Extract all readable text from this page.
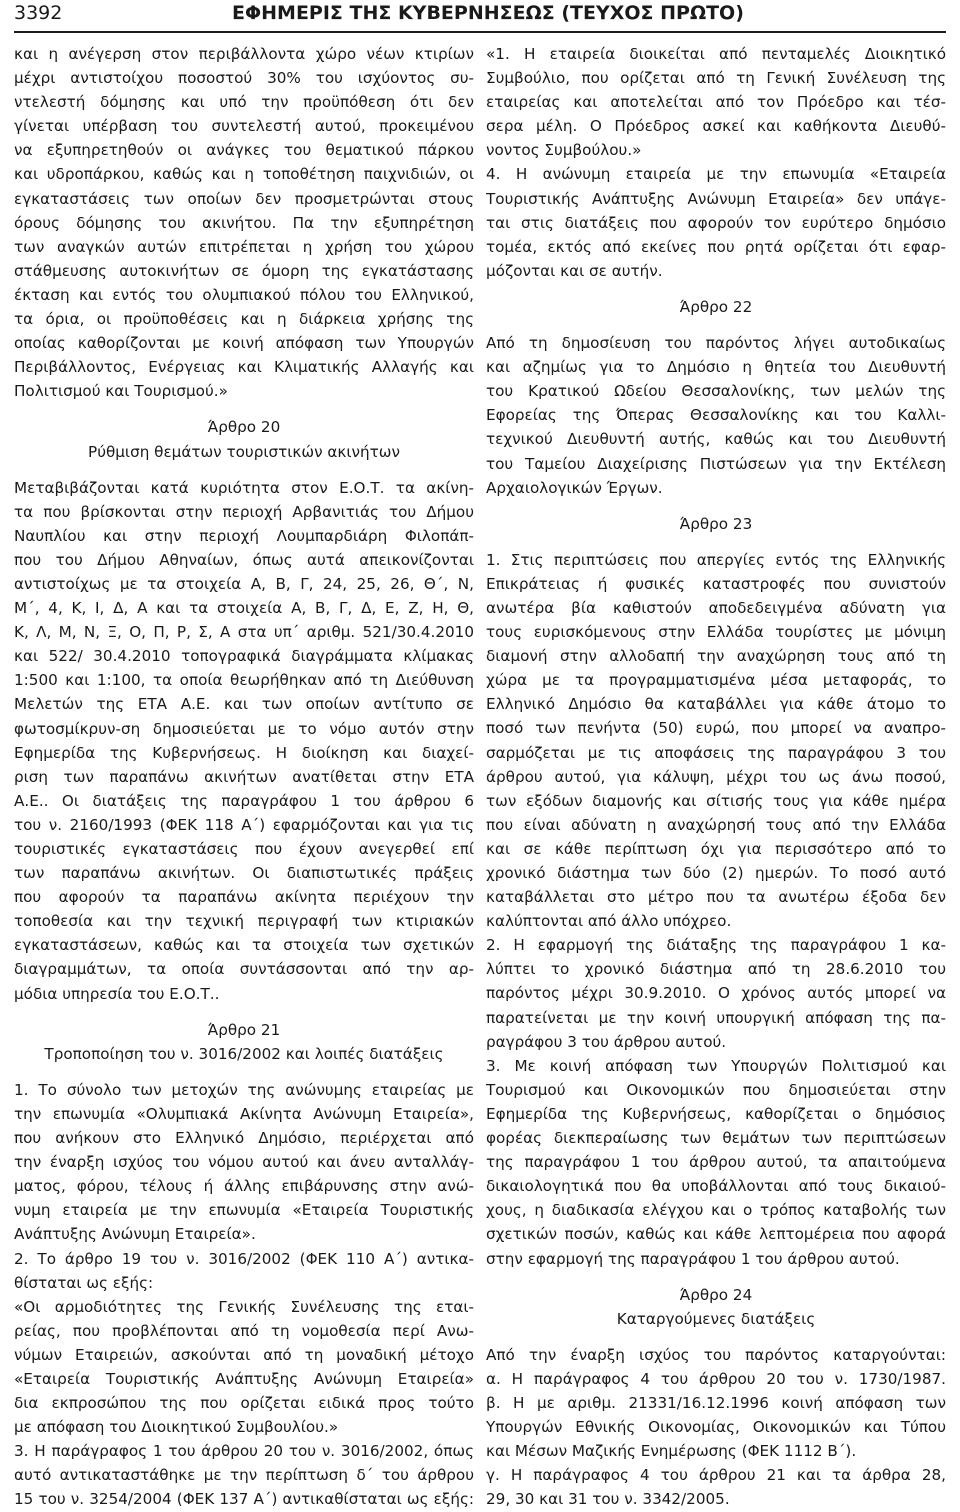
3392	ΕΦΗΜΕΡΙΣ ΤΗΣ ΚΥΒΕΡΝΗΣΕΩΣ (ΤΕΥΧΟΣ ΠΡΩΤΟ)
και η ανέγερση στον περιβάλλοντα χώρο νέων κτιρίων
μέχρι αντιστοίχου ποσοστού 30% του ισχύοντος συ-
ντελεστή δόμησης και υπό την προϋπόθεση ότι δεν
γίνεται υπέρβαση του συντελεστή αυτού, προκειμένου
να εξυπηρετηθούν οι ανάγκες του θεματικού πάρκου
και υδροπάρκου, καθώς και η τοποθέτηση παιχνιδιών, οι
εγκαταστάσεις των οποίων δεν προσμετρώνται στους
όρους δόμησης του ακινήτου. Πα την εξυπηρέτηση
των αναγκών αυτών επιτρέπεται η χρήση του χώρου
στάθμευσης αυτοκινήτων σε όμορη της εγκατάστασης
έκταση και εντός του ολυμπιακού πόλου του Ελληνικού,
τα όρια, οι προϋποθέσεις και η διάρκεια χρήσης της
οποίας καθορίζονται με κοινή απόφαση των Υπουργών
Περιβάλλοντος, Ενέργειας και Κλιματικής Αλλαγής και
Πολιτισμού και Τουρισμού.»
Άρθρο 20
Ρύθμιση θεμάτων τουριστικών ακινήτων
Μεταβιβάζονται κατά κυριότητα στον Ε.Ο.Τ. τα ακίνη-
τα που βρίσκονται στην περιοχή Αρβανιτιάς του Δήμου
Ναυπλίου και στην περιοχή Λουμπαρδιάρη Φιλοπάπ-
που του Δήμου Αθηναίων, όπως αυτά απεικονίζονται
αντιστοίχως με τα στοιχεία Α, Β, Γ, 24, 25, 26, Θ΄, Ν,
Μ΄, 4, Κ, Ι, Δ, Α και τα στοιχεία Α, Β, Γ, Δ, Ε, Ζ, Η, Θ,
Κ, Λ, Μ, Ν, Ξ, Ο, Π, Ρ, Σ, Α στα υπ΄ αριθμ. 521/30.4.2010
και 522/ 30.4.2010 τοπογραφικά διαγράμματα κλίμακας
1:500 και 1:100, τα οποία θεωρήθηκαν από τη Διεύθυνση
Μελετών της ΕΤΑ Α.Ε. και των οποίων αντίτυπο σε
φωτοσμίκρυν-ση δημοσιεύεται με το νόμο αυτόν στην
Εφημερίδα της Κυβερνήσεως. Η διοίκηση και διαχεί-
ριση των παραπάνω ακινήτων ανατίθεται στην ΕΤΑ
Α.Ε.. Οι διατάξεις της παραγράφου 1 του άρθρου 6
του ν. 2160/1993 (ΦΕΚ 118 Α΄) εφαρμόζονται και για τις
τουριστικές εγκαταστάσεις που έχουν ανεγερθεί επί
των παραπάνω ακινήτων. Οι διαπιστωτικές πράξεις
που αφορούν τα παραπάνω ακίνητα περιέχουν την
τοποθεσία και την τεχνική περιγραφή των κτιριακών
εγκαταστάσεων, καθώς και τα στοιχεία των σχετικών
διαγραμμάτων, τα οποία συντάσσονται από την αρ-
μόδια υπηρεσία του Ε.Ο.Τ..
Άρθρο 21
Τροποποίηση του ν. 3016/2002 και λοιπές διατάξεις
1. Το σύνολο των μετοχών της ανώνυμης εταιρείας με
την επωνυμία «Ολυμπιακά Ακίνητα Ανώνυμη Εταιρεία»,
που ανήκουν στο Ελληνικό Δημόσιο, περιέρχεται από
την έναρξη ισχύος του νόμου αυτού και άνευ ανταλλάγ-
ματος, φόρου, τέλους ή άλλης επιβάρυνσης στην ανώ-
νυμη εταιρεία με την επωνυμία «Εταιρεία Τουριστικής
Ανάπτυξης Ανώνυμη Εταιρεία».
2. Το άρθρο 19 του ν. 3016/2002 (ΦΕΚ 110 Α΄) αντικα-
θίσταται ως εξής:
«Οι αρμοδιότητες της Γενικής Συνέλευσης της εται-
ρείας, που προβλέπονται από τη νομοθεσία περί Ανω-
νύμων Εταιρειών, ασκούνται από τη μοναδική μέτοχο
«Εταιρεία Τουριστικής Ανάπτυξης Ανώνυμη Εταιρεία»
δια εκπροσώπου της που ορίζεται ειδικά προς τούτο
με απόφαση του Διοικητικού Συμβουλίου.»
3. Η παράγραφος 1 του άρθρου 20 του ν. 3016/2002, όπως
αυτό αντικαταστάθηκε με την περίπτωση δ΄ του άρθρου
15 του ν. 3254/2004 (ΦΕΚ 137 Α΄) αντικαθίσταται ως εξής:
«1. Η εταιρεία διοικείται από πενταμελές Διοικητικό
Συμβούλιο, που ορίζεται από τη Γενική Συνέλευση της
εταιρείας και αποτελείται από τον Πρόεδρο και τέσ-
σερα μέλη. Ο Πρόεδρος ασκεί και καθήκοντα Διευθύ-
νοντος Συμβούλου.»
4. Η ανώνυμη εταιρεία με την επωνυμία «Εταιρεία
Τουριστικής Ανάπτυξης Ανώνυμη Εταιρεία» δεν υπάγε-
ται στις διατάξεις που αφορούν τον ευρύτερο δημόσιο
τομέα, εκτός από εκείνες που ρητά ορίζεται ότι εφαρ-
μόζονται και σε αυτήν.
Άρθρο 22
Από τη δημοσίευση του παρόντος λήγει αυτοδικαίως
και αζημίως για το Δημόσιο η θητεία του Διευθυντή
του Κρατικού Ωδείου Θεσσαλονίκης, των μελών της
Εφορείας της Όπερας Θεσσαλονίκης και του Καλλι-
τεχνικού Διευθυντή αυτής, καθώς και του Διευθυντή
του Ταμείου Διαχείρισης Πιστώσεων για την Εκτέλεση
Αρχαιολογικών Έργων.
Άρθρο 23
1. Στις περιπτώσεις που απεργίες εντός της Ελληνικής
Επικράτειας ή φυσικές καταστροφές που συνιστούν
ανωτέρα βία καθιστούν αποδεδειγμένα αδύνατη για
τους ευρισκόμενους στην Ελλάδα τουρίστες με μόνιμη
διαμονή στην αλλοδαπή την αναχώρηση τους από τη
χώρα με τα προγραμματισμένα μέσα μεταφοράς, το
Ελληνικό Δημόσιο θα καταβάλλει για κάθε άτομο το
ποσό των πενήντα (50) ευρώ, που μπορεί να αναπρο-
σαρμόζεται με τις αποφάσεις της παραγράφου 3 του
άρθρου αυτού, για κάλυψη, μέχρι του ως άνω ποσού,
των εξόδων διαμονής και σίτισής τους για κάθε ημέρα
που είναι αδύνατη η αναχώρησή τους από την Ελλάδα
και σε κάθε περίπτωση όχι για περισσότερο από το
χρονικό διάστημα των δύο (2) ημερών. Το ποσό αυτό
καταβάλλεται στο μέτρο που τα ανωτέρω έξοδα δεν
καλύπτονται από άλλο υπόχρεο.
2. Η εφαρμογή της διάταξης της παραγράφου 1 κα-
λύπτει το χρονικό διάστημα από τη 28.6.2010 του
παρόντος μέχρι 30.9.2010. Ο χρόνος αυτός μπορεί να
παρατείνεται με την κοινή υπουργική απόφαση της πα-
ραγράφου 3 του άρθρου αυτού.
3. Με κοινή απόφαση των Υπουργών Πολιτισμού και
Τουρισμού και Οικονομικών που δημοσιεύεται στην
Εφημερίδα της Κυβερνήσεως, καθορίζεται ο δημόσιος
φορέας διεκπεραίωσης των θεμάτων των περιπτώσεων
της παραγράφου 1 του άρθρου αυτού, τα απαιτούμενα
δικαιολογητικά που θα υποβάλλονται από τους δικαιού-
χους, η διαδικασία ελέγχου και ο τρόπος καταβολής των
σχετικών ποσών, καθώς και κάθε λεπτομέρεια που αφορά
στην εφαρμογή της παραγράφου 1 του άρθρου αυτού.
Άρθρο 24
Καταργούμενες διατάξεις
Από την έναρξη ισχύος του παρόντος καταργούνται:
α. Η παράγραφος 4 του άρθρου 20 του ν. 1730/1987.
β. Η με αριθμ. 21331/16.12.1996 κοινή απόφαση των
Υπουργών Εθνικής Οικονομίας, Οικονομικών και Τύπου
και Μέσων Μαζικής Ενημέρωσης (ΦΕΚ 1112 Β΄).
γ. Η παράγραφος 4 του άρθρου 21 και τα άρθρα 28,
29, 30 και 31 του ν. 3342/2005.
